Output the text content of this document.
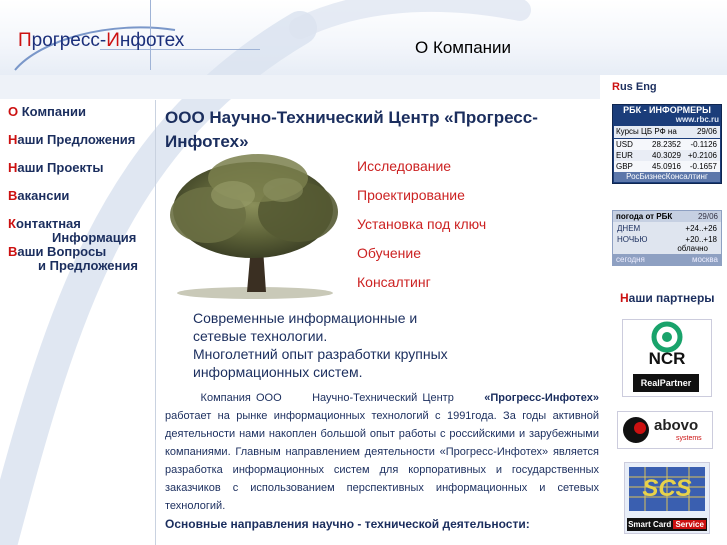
Прогресс-Инфотех	О Компании
О Компании
Наши Предложения
Наши Проекты
Вакансии
Контактная
Информация
Ваши Вопросы
и Предложения
ООО Научно-Технический Центр «Прогресс-Инфотех»
Исследование
Проектирование
Установка под ключ
Обучение
Консалтинг
Современные информационные и сетевые технологии.
Многолетний опыт разработки крупных информационных систем.
Компания ООО      Научно-Технический Центр      «Прогресс-Инфотех» работает на рынке информационных технологий с 1991года. За годы активной деятельности нами накоплен большой опыт работы с российскими и зарубежными компаниями. Главным направлением деятельности «Прогресс-Инфотех» является разработка информационных систем для корпоративных и государственных заказчиков с использованием перспективных информационных и сетевых технологий.
Основные направления научно - технической деятельности:
Rus Eng
РБК - ИНФОРМЕРЫ
www.rbc.ru
Курсы ЦБ РФ на	29/06
USD 28.2352 -0.1126
EUR 40.3029 +0.2106
GBP 45.0916 -0.1657
РосБизнесКонсалтинг
погода от РБК	29/06
ДНЕМ	+24..+26
НОЧЬЮ	+20..+18
облачно
сегодня	москва
Наши партнеры
NCR
RealPartner
abovo
systems
SCS
Smart Card Service
